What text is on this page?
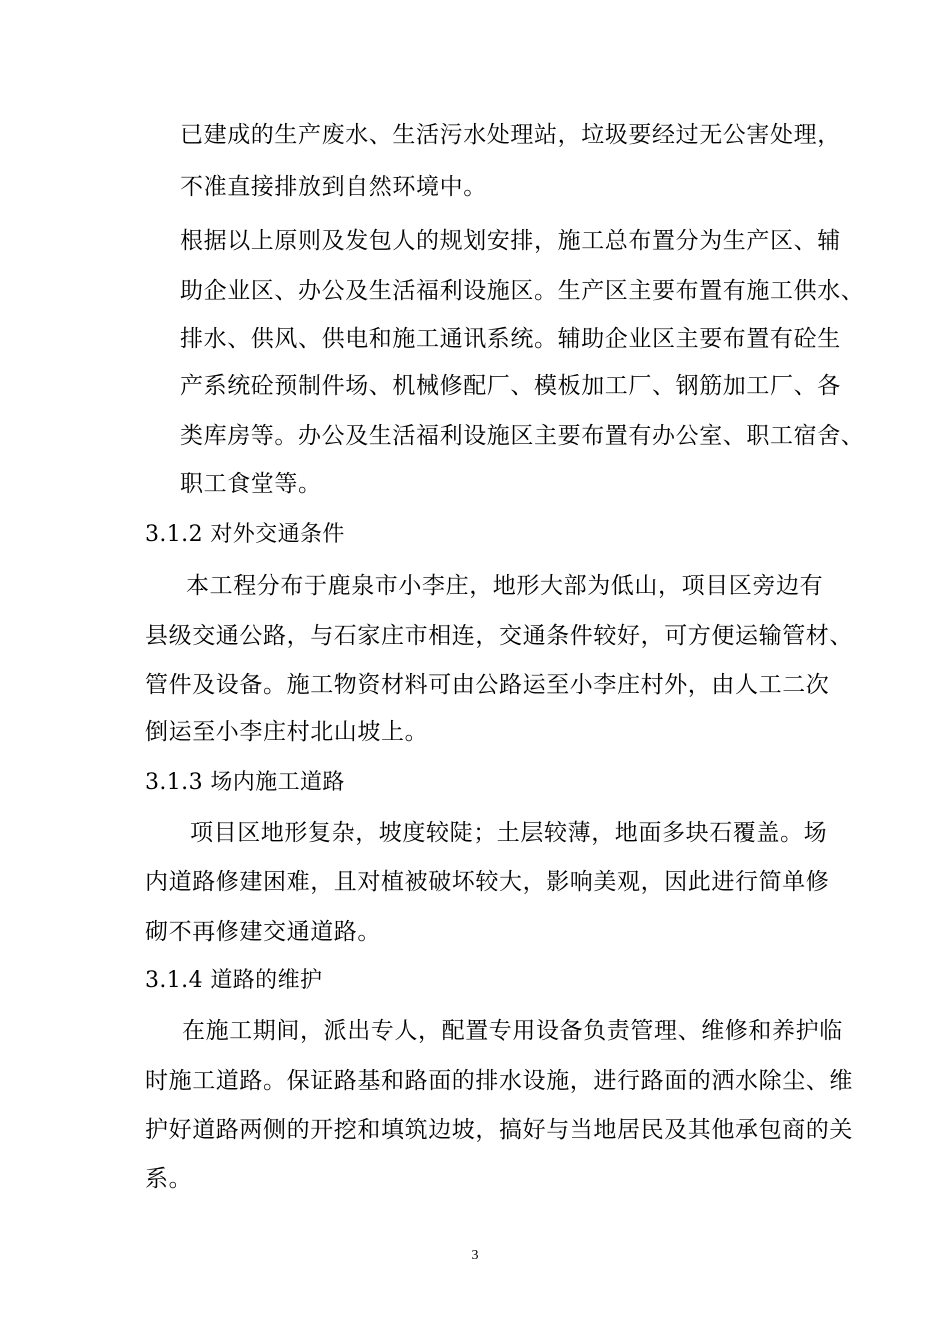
已建成的生产废水、生活污水处理站，垃圾要经过无公害处理，
不准直接排放到自然环境中。
根据以上原则及发包人的规划安排，施工总布置分为生产区、辅
助企业区、办公及生活福利设施区。生产区主要布置有施工供水、
排水、供风、供电和施工通讯系统。辅助企业区主要布置有砼生
产系统砼预制件场、机械修配厂、模板加工厂、钢筋加工厂、各
类库房等。办公及生活福利设施区主要布置有办公室、职工宿舍、
职工食堂等。
3.1.2 对外交通条件
本工程分布于鹿泉市小李庄，地形大部为低山，项目区旁边有
县级交通公路，与石家庄市相连，交通条件较好，可方便运输管材、
管件及设备。施工物资材料可由公路运至小李庄村外，由人工二次
倒运至小李庄村北山坡上。
3.1.3 场内施工道路
项目区地形复杂，坡度较陡；土层较薄，地面多块石覆盖。场
内道路修建困难，且对植被破坏较大，影响美观，因此进行简单修
砌不再修建交通道路。
3.1.4 道路的维护
在施工期间，派出专人，配置专用设备负责管理、维修和养护临
时施工道路。保证路基和路面的排水设施，进行路面的洒水除尘、维
护好道路两侧的开挖和填筑边坡，搞好与当地居民及其他承包商的关
系。
3
